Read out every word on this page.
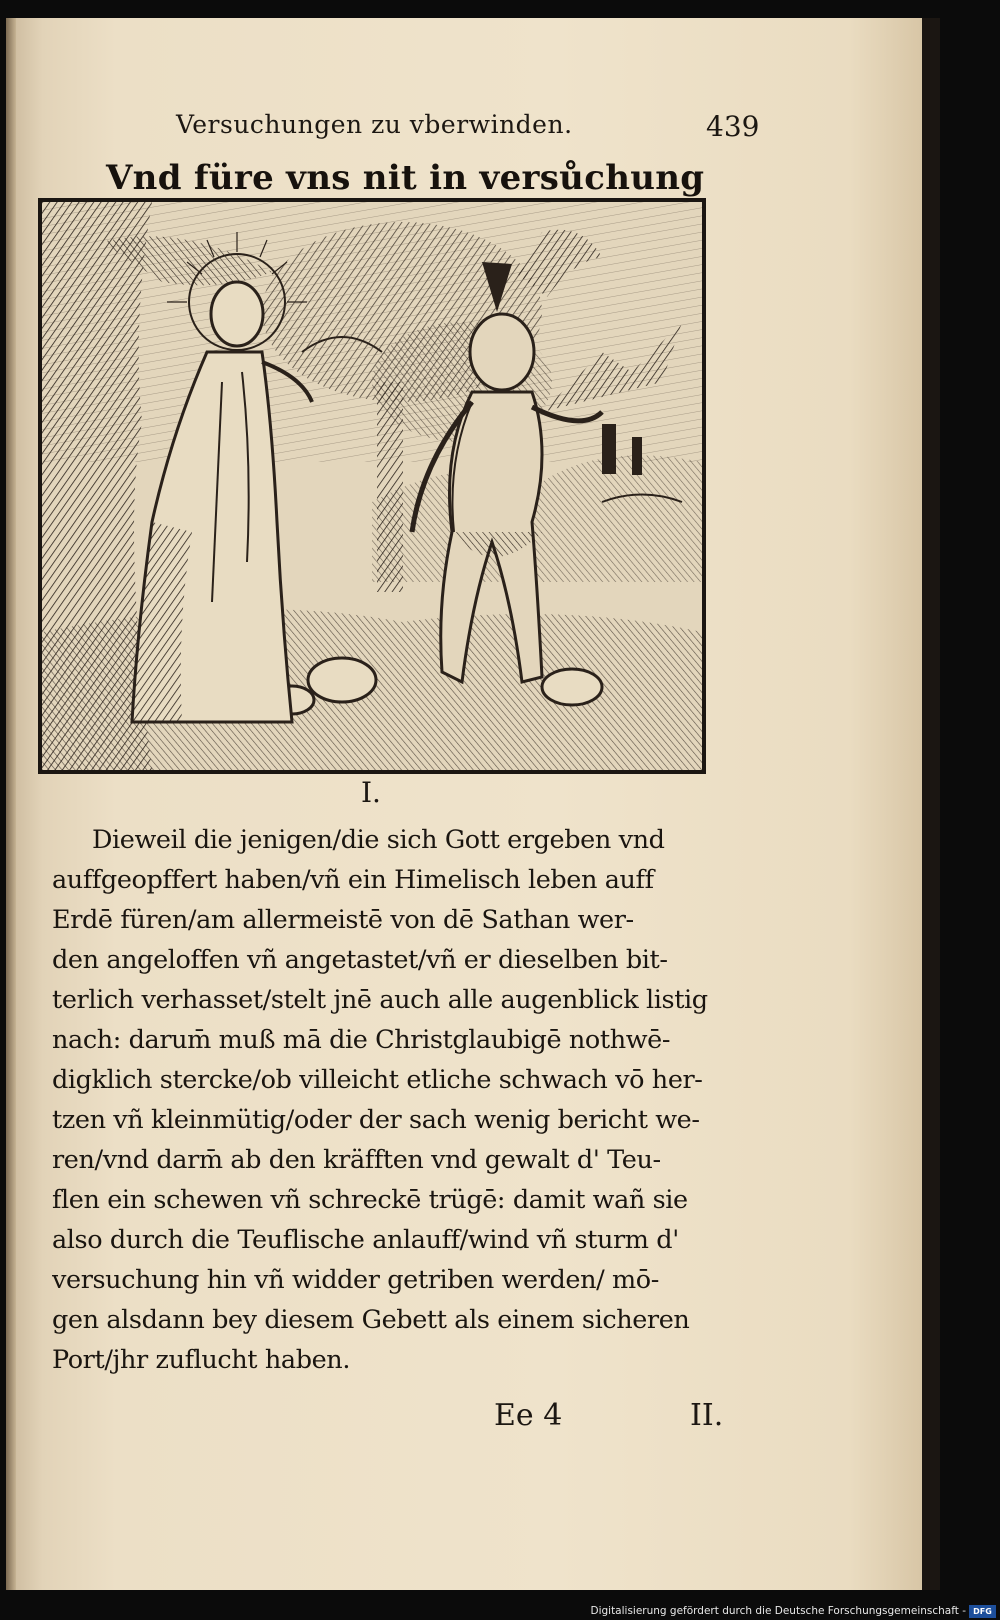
Versuchungen zu vberwinden.	439
Vnd füre vns nit in versůchung
I.
Dieweil die jenigen/die sich Gott ergeben vnd
auffgeopffert haben/vñ ein Himelisch leben auff
Erdē füren/am allermeistē von dē Sathan wer-
den angeloffen vñ angetastet/vñ er dieselben bit-
terlich verhasset/stelt jnē auch alle augenblick listig
nach: darum̄ muß mā die Christglaubigē nothwē-
digklich stercke/ob villeicht etliche schwach vō her-
tzen vñ kleinmütig/oder der sach wenig bericht we-
ren/vnd darm̄ ab den kräfften vnd gewalt d' Teu-
flen ein schewen vñ schreckē trügē: damit wañ sie
also durch die Teuflische anlauff/wind vñ sturm d'
versuchung hin vñ widder getriben werden/ mō-
gen alsdann bey diesem Gebett als einem sicheren
Port/jhr zuflucht haben.
Ee 4	II.
Digitalisierung gefördert durch die Deutsche Forschungsgemeinschaft - DFG
